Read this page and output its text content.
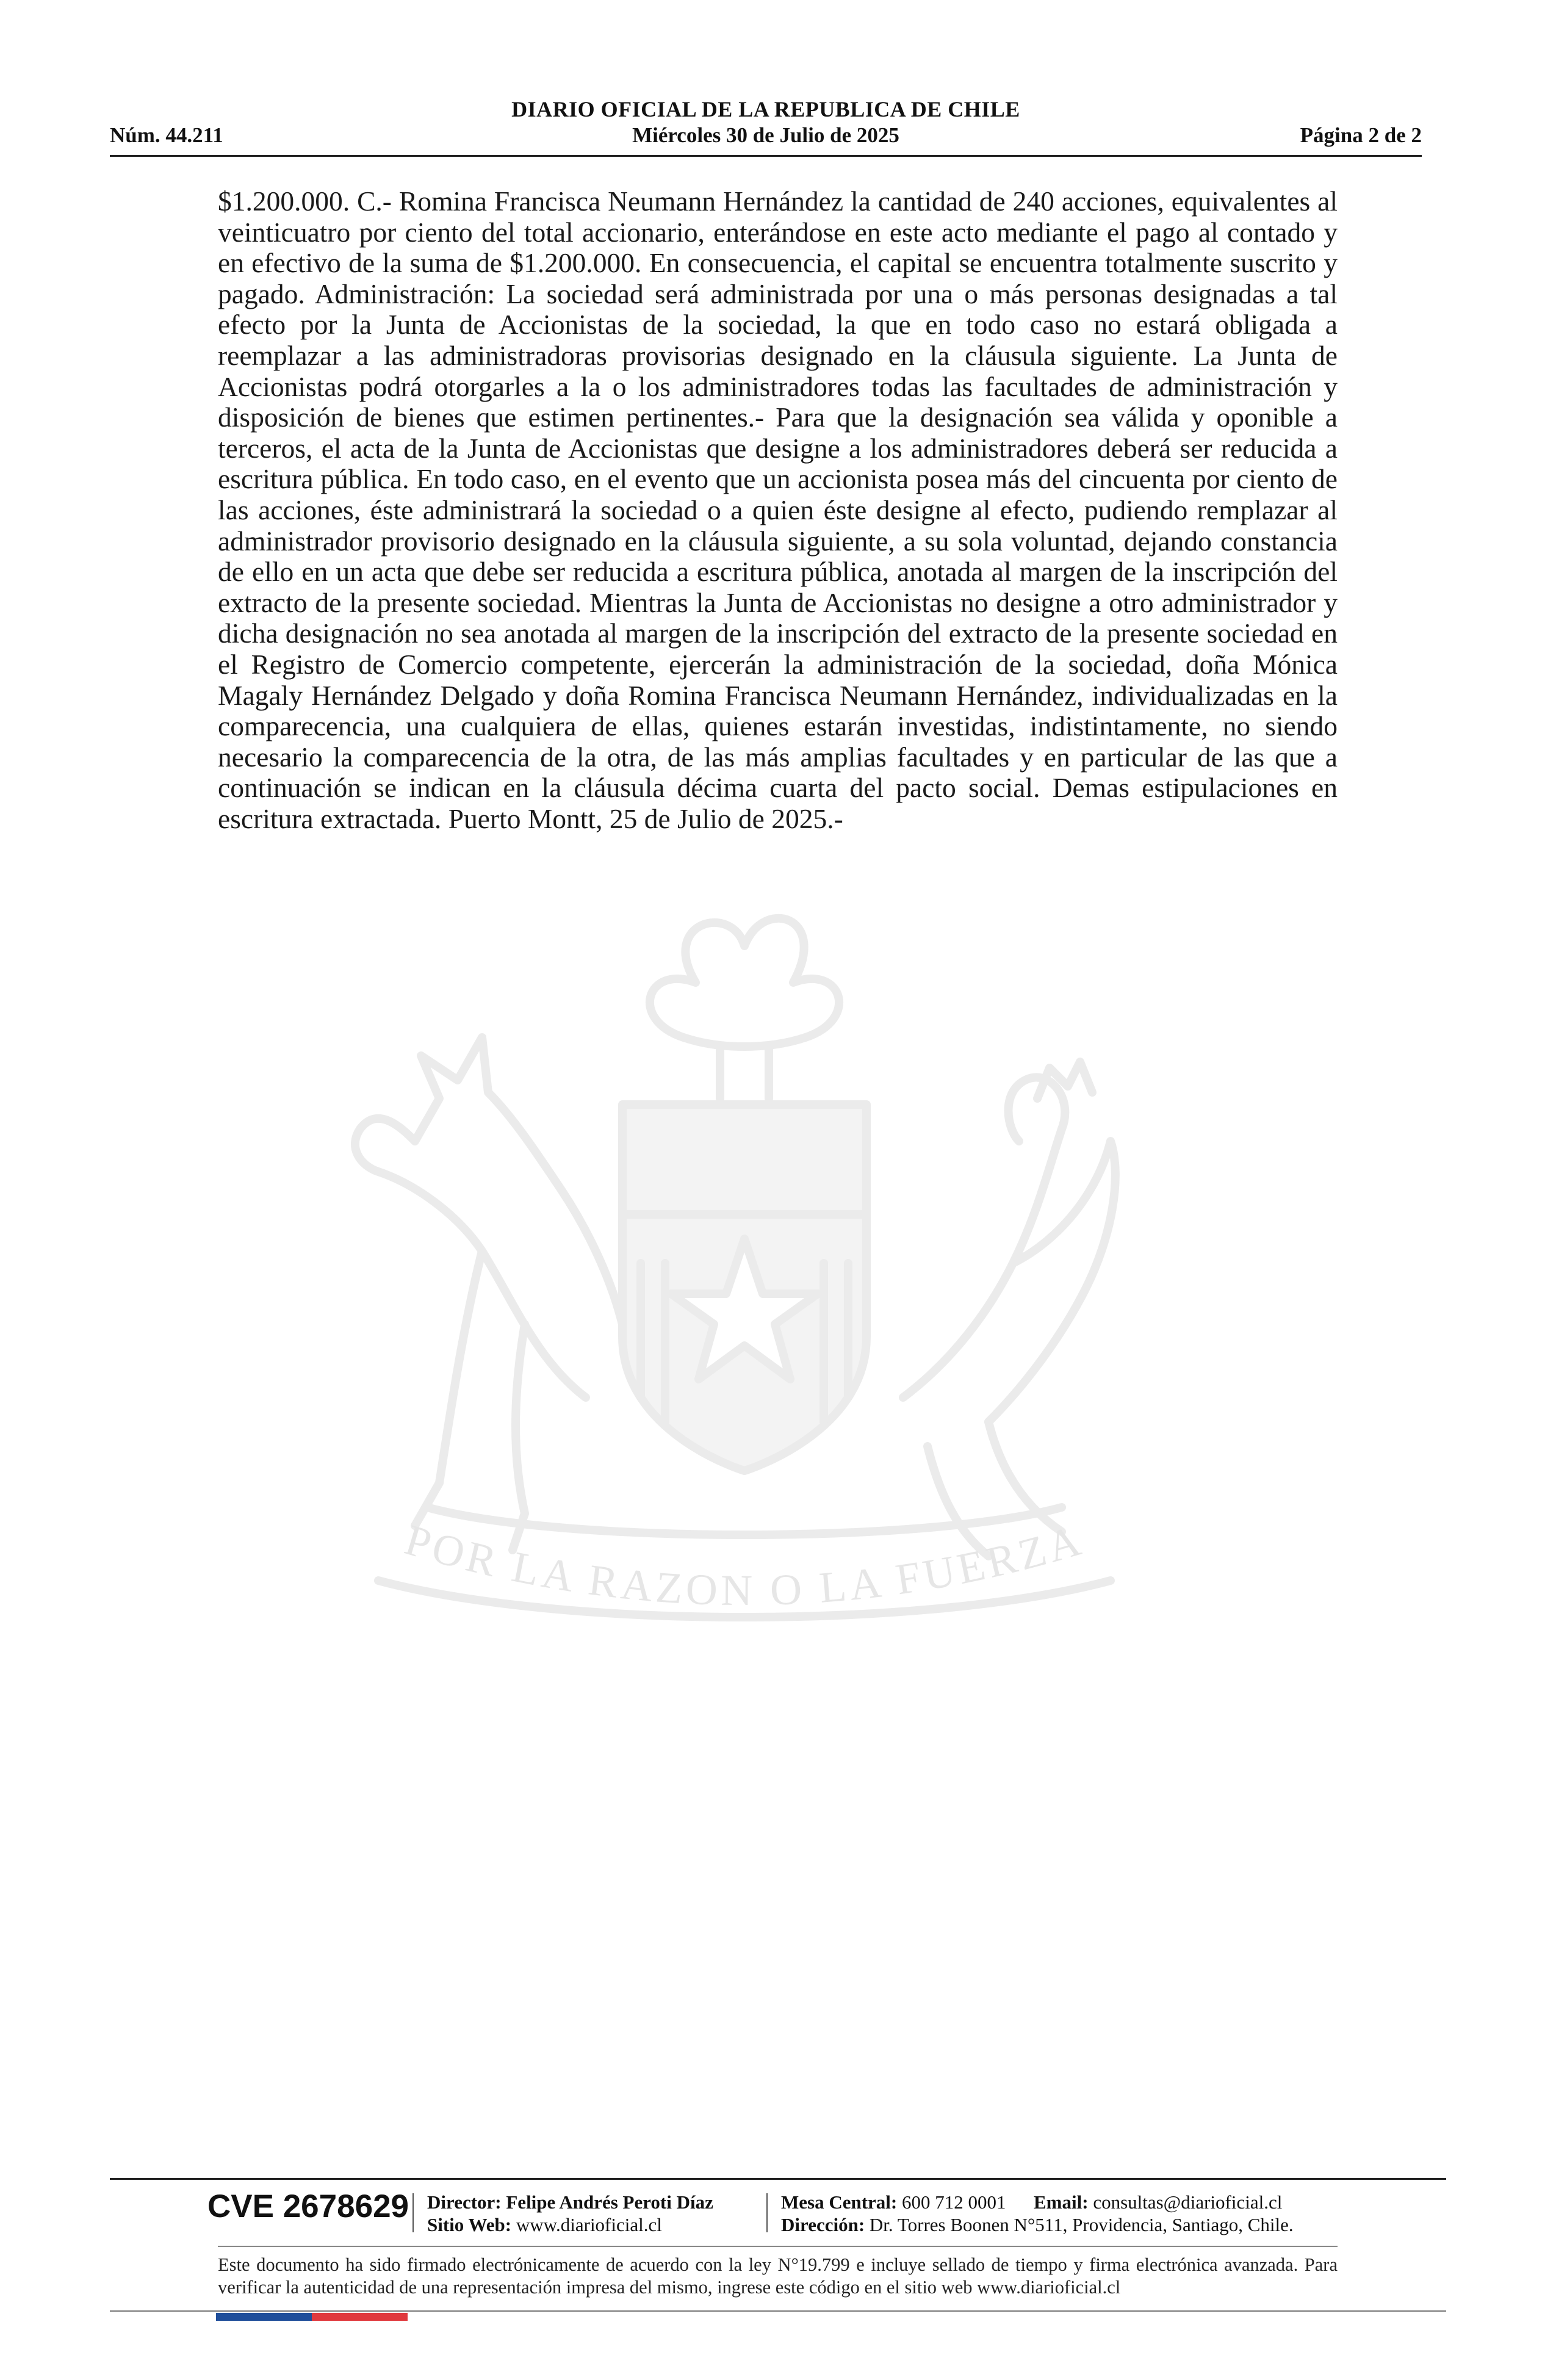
DIARIO OFICIAL DE LA REPUBLICA DE CHILE
Núm. 44.211	Miércoles 30 de Julio de 2025	Página 2 de 2
$1.200.000. C.- Romina Francisca Neumann Hernández la cantidad de 240 acciones, equivalentes al veinticuatro por ciento del total accionario, enterándose en este acto mediante el pago al contado y en efectivo de la suma de $1.200.000. En consecuencia, el capital se encuentra totalmente suscrito y pagado. Administración: La sociedad será administrada por una o más personas designadas a tal efecto por la Junta de Accionistas de la sociedad, la que en todo caso no estará obligada a reemplazar a las administradoras provisorias designado en la cláusula siguiente. La Junta de Accionistas podrá otorgarles a la o los administradores todas las facultades de administración y disposición de bienes que estimen pertinentes.- Para que la designación sea válida y oponible a terceros, el acta de la Junta de Accionistas que designe a los administradores deberá ser reducida a escritura pública. En todo caso, en el evento que un accionista posea más del cincuenta por ciento de las acciones, éste administrará la sociedad o a quien éste designe al efecto, pudiendo remplazar al administrador provisorio designado en la cláusula siguiente, a su sola voluntad, dejando constancia de ello en un acta que debe ser reducida a escritura pública, anotada al margen de la inscripción del extracto de la presente sociedad. Mientras la Junta de Accionistas no designe a otro administrador y dicha designación no sea anotada al margen de la inscripción del extracto de la presente sociedad en el Registro de Comercio competente, ejercerán la administración de la sociedad, doña Mónica Magaly Hernández Delgado y doña Romina Francisca Neumann Hernández, individualizadas en la comparecencia, una cualquiera de ellas, quienes estarán investidas, indistintamente, no siendo necesario la comparecencia de la otra, de las más amplias facultades y en particular de las que a continuación se indican en la cláusula décima cuarta del pacto social. Demas estipulaciones en escritura extractada. Puerto Montt, 25 de Julio de 2025.-
POR LA RAZON O LA FUERZA
CVE 2678629 Director: Felipe Andrés Peroti Díaz
Sitio Web: www.diarioficial.cl
Mesa Central: 600 712 0001 Email: consultas@diarioficial.cl
Dirección: Dr. Torres Boonen N°511, Providencia, Santiago, Chile.
Este documento ha sido firmado electrónicamente de acuerdo con la ley N°19.799 e incluye sellado de tiempo y firma electrónica avanzada. Para verificar la autenticidad de una representación impresa del mismo, ingrese este código en el sitio web www.diarioficial.cl
